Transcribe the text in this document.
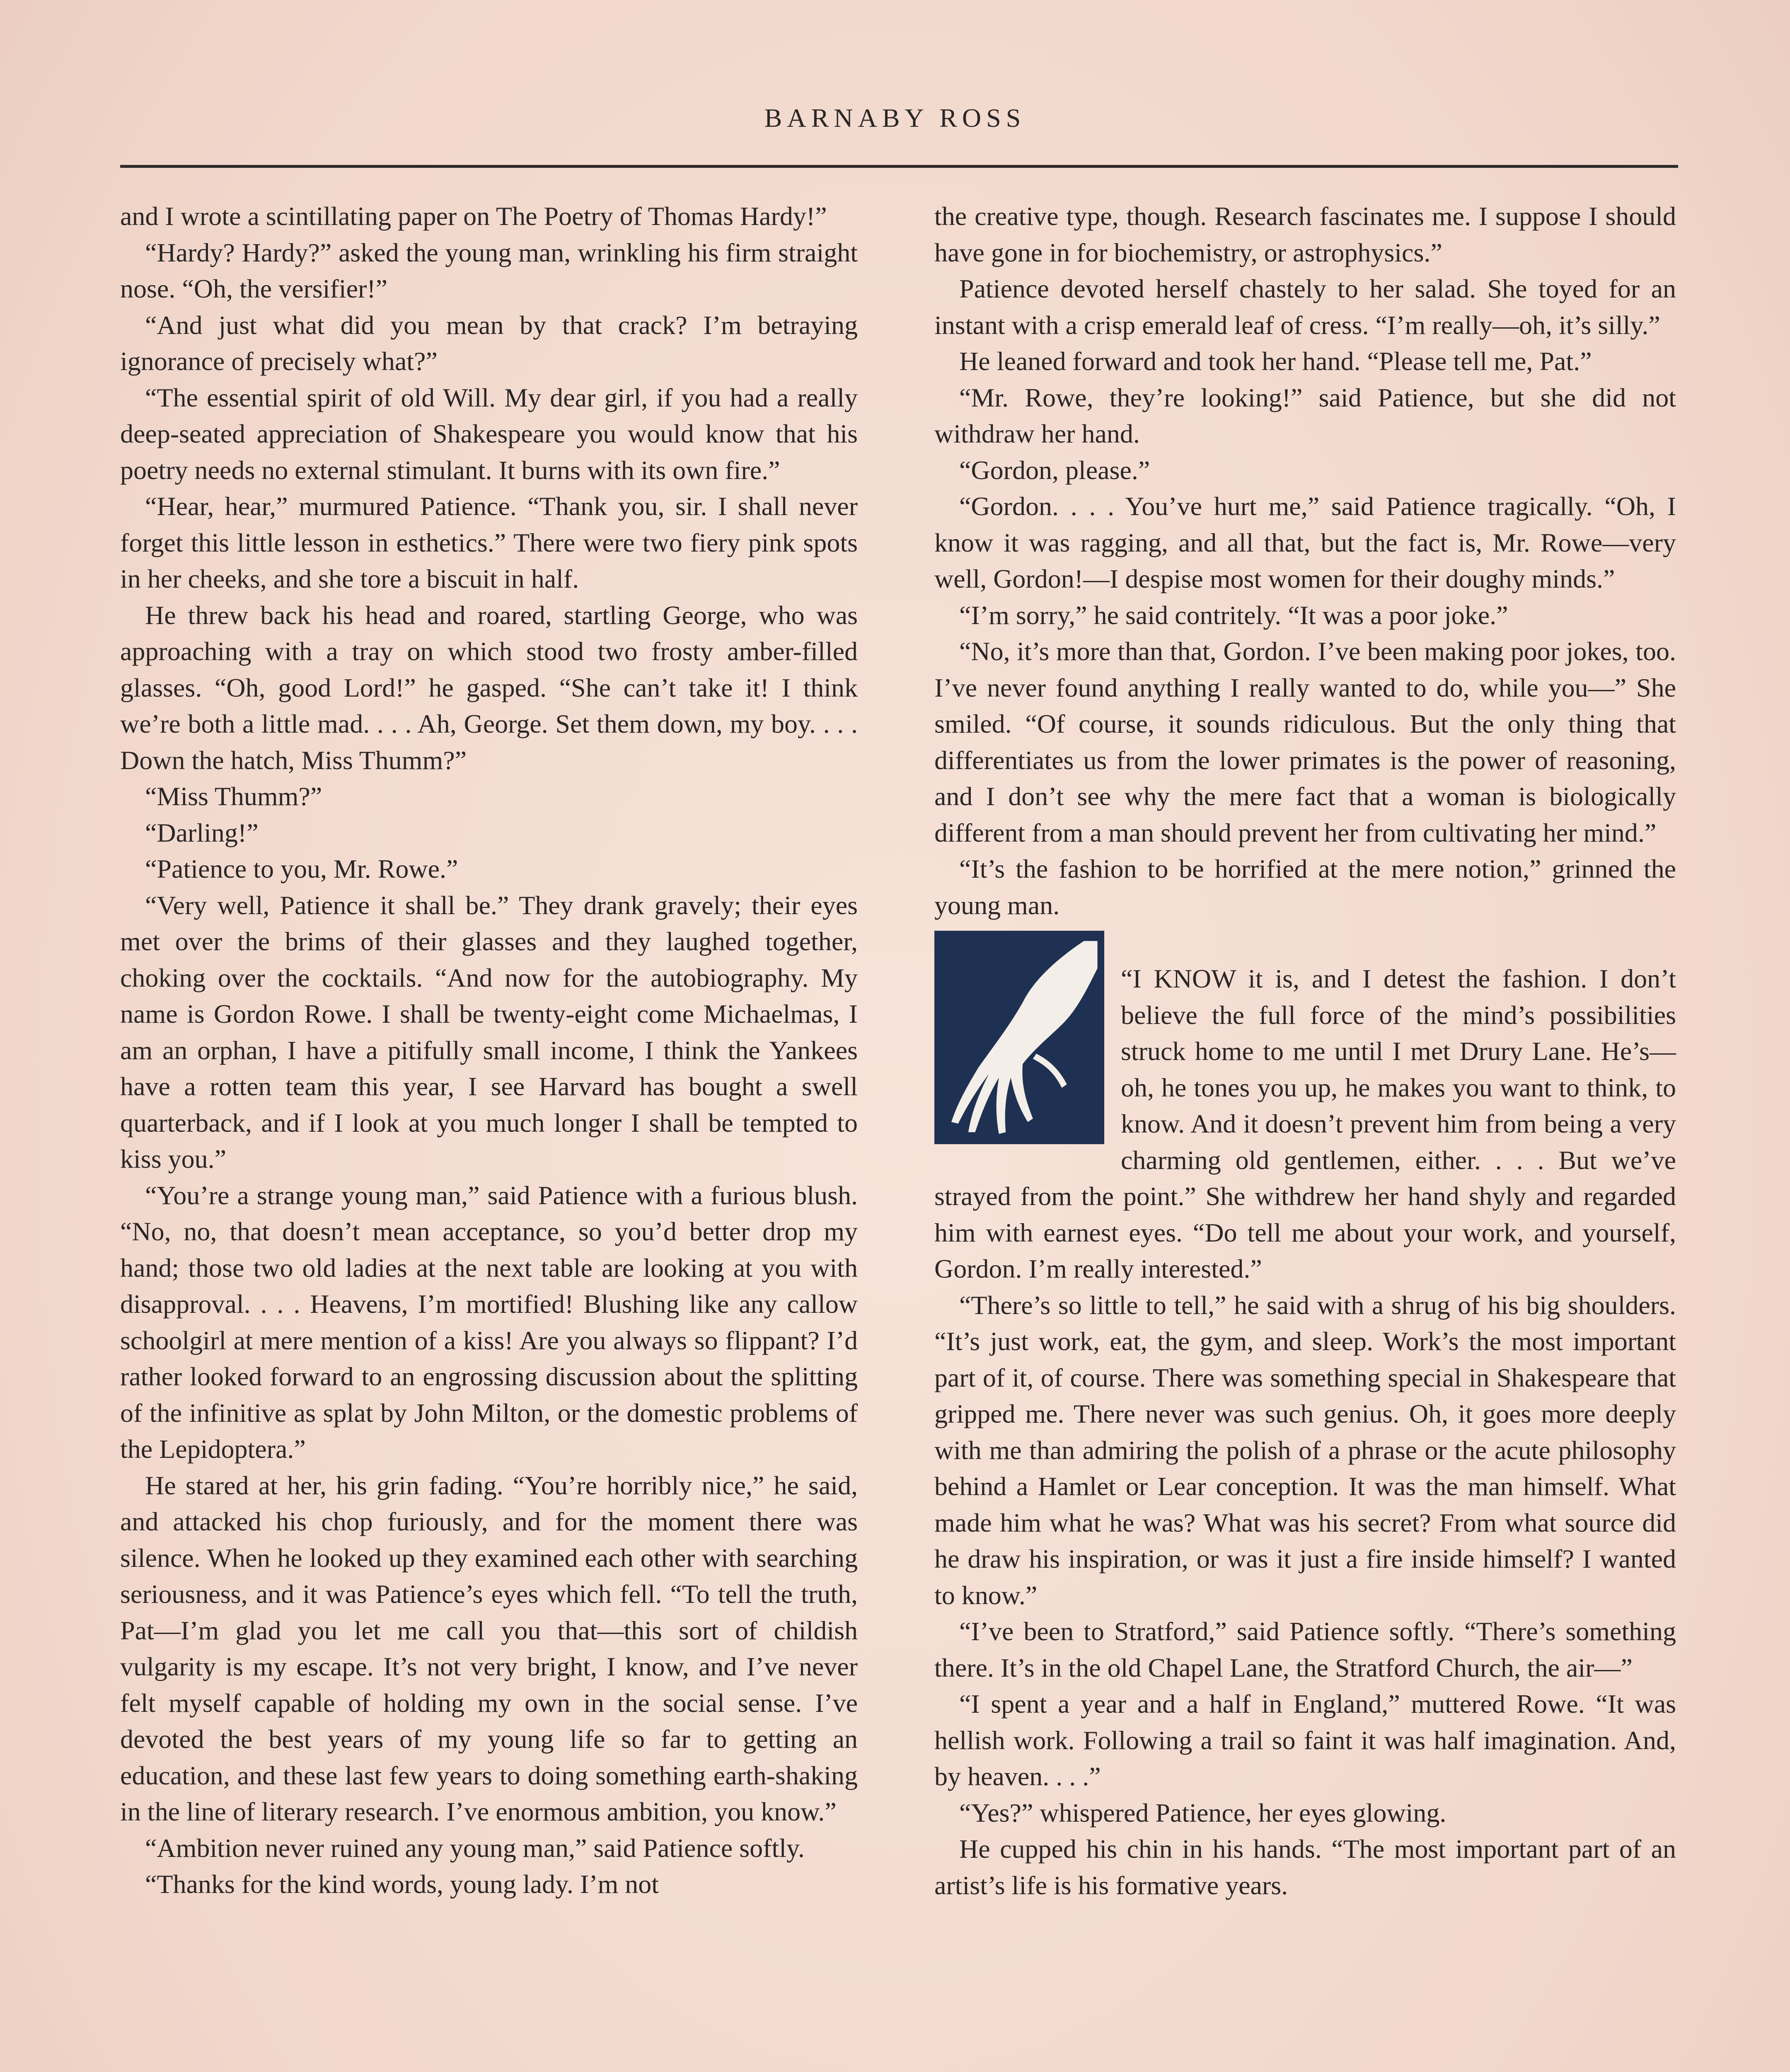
BARNABY ROSS

and I wrote a scintillating paper on The Poetry of Thomas Hardy!”

“Hardy? Hardy?” asked the young man, wrinkling his firm straight nose. “Oh, the versifier!”

“And just what did you mean by that crack? I’m betraying ignorance of precisely what?”

“The essential spirit of old Will. My dear girl, if you had a really deep-seated appreciation of Shakespeare you would know that his poetry needs no external stimulant. It burns with its own fire.”

“Hear, hear,” murmured Patience. “Thank you, sir. I shall never forget this little lesson in esthetics.” There were two fiery pink spots in her cheeks, and she tore a biscuit in half.

He threw back his head and roared, startling George, who was approaching with a tray on which stood two frosty amber-filled glasses. “Oh, good Lord!” he gasped. “She can’t take it! I think we’re both a little mad. . . . Ah, George. Set them down, my boy. . . . Down the hatch, Miss Thumm?”

“Miss Thumm?”

“Darling!”

“Patience to you, Mr. Rowe.”

“Very well, Patience it shall be.” They drank gravely; their eyes met over the brims of their glasses and they laughed together, choking over the cocktails. “And now for the autobiography. My name is Gordon Rowe. I shall be twenty-eight come Michaelmas, I am an orphan, I have a pitifully small income, I think the Yankees have a rotten team this year, I see Harvard has bought a swell quarterback, and if I look at you much longer I shall be tempted to kiss you.”

“You’re a strange young man,” said Patience with a furious blush. “No, no, that doesn’t mean acceptance, so you’d better drop my hand; those two old ladies at the next table are looking at you with disapproval. . . . Heavens, I’m mortified! Blushing like any callow schoolgirl at mere mention of a kiss! Are you always so flippant? I’d rather looked forward to an engrossing discussion about the splitting of the infinitive as splat by John Milton, or the domestic problems of the Lepidoptera.”

He stared at her, his grin fading. “You’re horribly nice,” he said, and attacked his chop furiously, and for the moment there was silence. When he looked up they examined each other with searching seriousness, and it was Patience’s eyes which fell. “To tell the truth, Pat—I’m glad you let me call you that—this sort of childish vulgarity is my escape. It’s not very bright, I know, and I’ve never felt myself capable of holding my own in the social sense. I’ve devoted the best years of my young life so far to getting an education, and these last few years to doing something earth-shaking in the line of literary research. I’ve enormous ambition, you know.”

“Ambition never ruined any young man,” said Patience softly.

“Thanks for the kind words, young lady. I’m not

the creative type, though. Research fascinates me. I suppose I should have gone in for biochemistry, or astrophysics.”

Patience devoted herself chastely to her salad. She toyed for an instant with a crisp emerald leaf of cress. “I’m really—oh, it’s silly.”

He leaned forward and took her hand. “Please tell me, Pat.”

“Mr. Rowe, they’re looking!” said Patience, but she did not withdraw her hand.

“Gordon, please.”

“Gordon. . . . You’ve hurt me,” said Patience tragically. “Oh, I know it was ragging, and all that, but the fact is, Mr. Rowe—very well, Gordon!—I despise most women for their doughy minds.”

“I’m sorry,” he said contritely. “It was a poor joke.”

“No, it’s more than that, Gordon. I’ve been making poor jokes, too. I’ve never found anything I really wanted to do, while you—” She smiled. “Of course, it sounds ridiculous. But the only thing that differentiates us from the lower primates is the power of reasoning, and I don’t see why the mere fact that a woman is biologically different from a man should prevent her from cultivating her mind.”

“It’s the fashion to be horrified at the mere notion,” grinned the young man.

“I KNOW it is, and I detest the fashion. I don’t believe the full force of the mind’s possibilities struck home to me until I met Drury Lane. He’s—oh, he tones you up, he makes you want to think, to know. And it doesn’t prevent him from being a very charming old gentlemen, either. . . . But we’ve strayed from the point.” She withdrew her hand shyly and regarded him with earnest eyes. “Do tell me about your work, and yourself, Gordon. I’m really interested.”

“There’s so little to tell,” he said with a shrug of his big shoulders. “It’s just work, eat, the gym, and sleep. Work’s the most important part of it, of course. There was something special in Shakespeare that gripped me. There never was such genius. Oh, it goes more deeply with me than admiring the polish of a phrase or the acute philosophy behind a Hamlet or Lear conception. It was the man himself. What made him what he was? What was his secret? From what source did he draw his inspiration, or was it just a fire inside himself? I wanted to know.”

“I’ve been to Stratford,” said Patience softly. “There’s something there. It’s in the old Chapel Lane, the Stratford Church, the air—”

“I spent a year and a half in England,” muttered Rowe. “It was hellish work. Following a trail so faint it was half imagination. And, by heaven. . . .”

“Yes?” whispered Patience, her eyes glowing.

He cupped his chin in his hands. “The most important part of an artist’s life is his formative years.
